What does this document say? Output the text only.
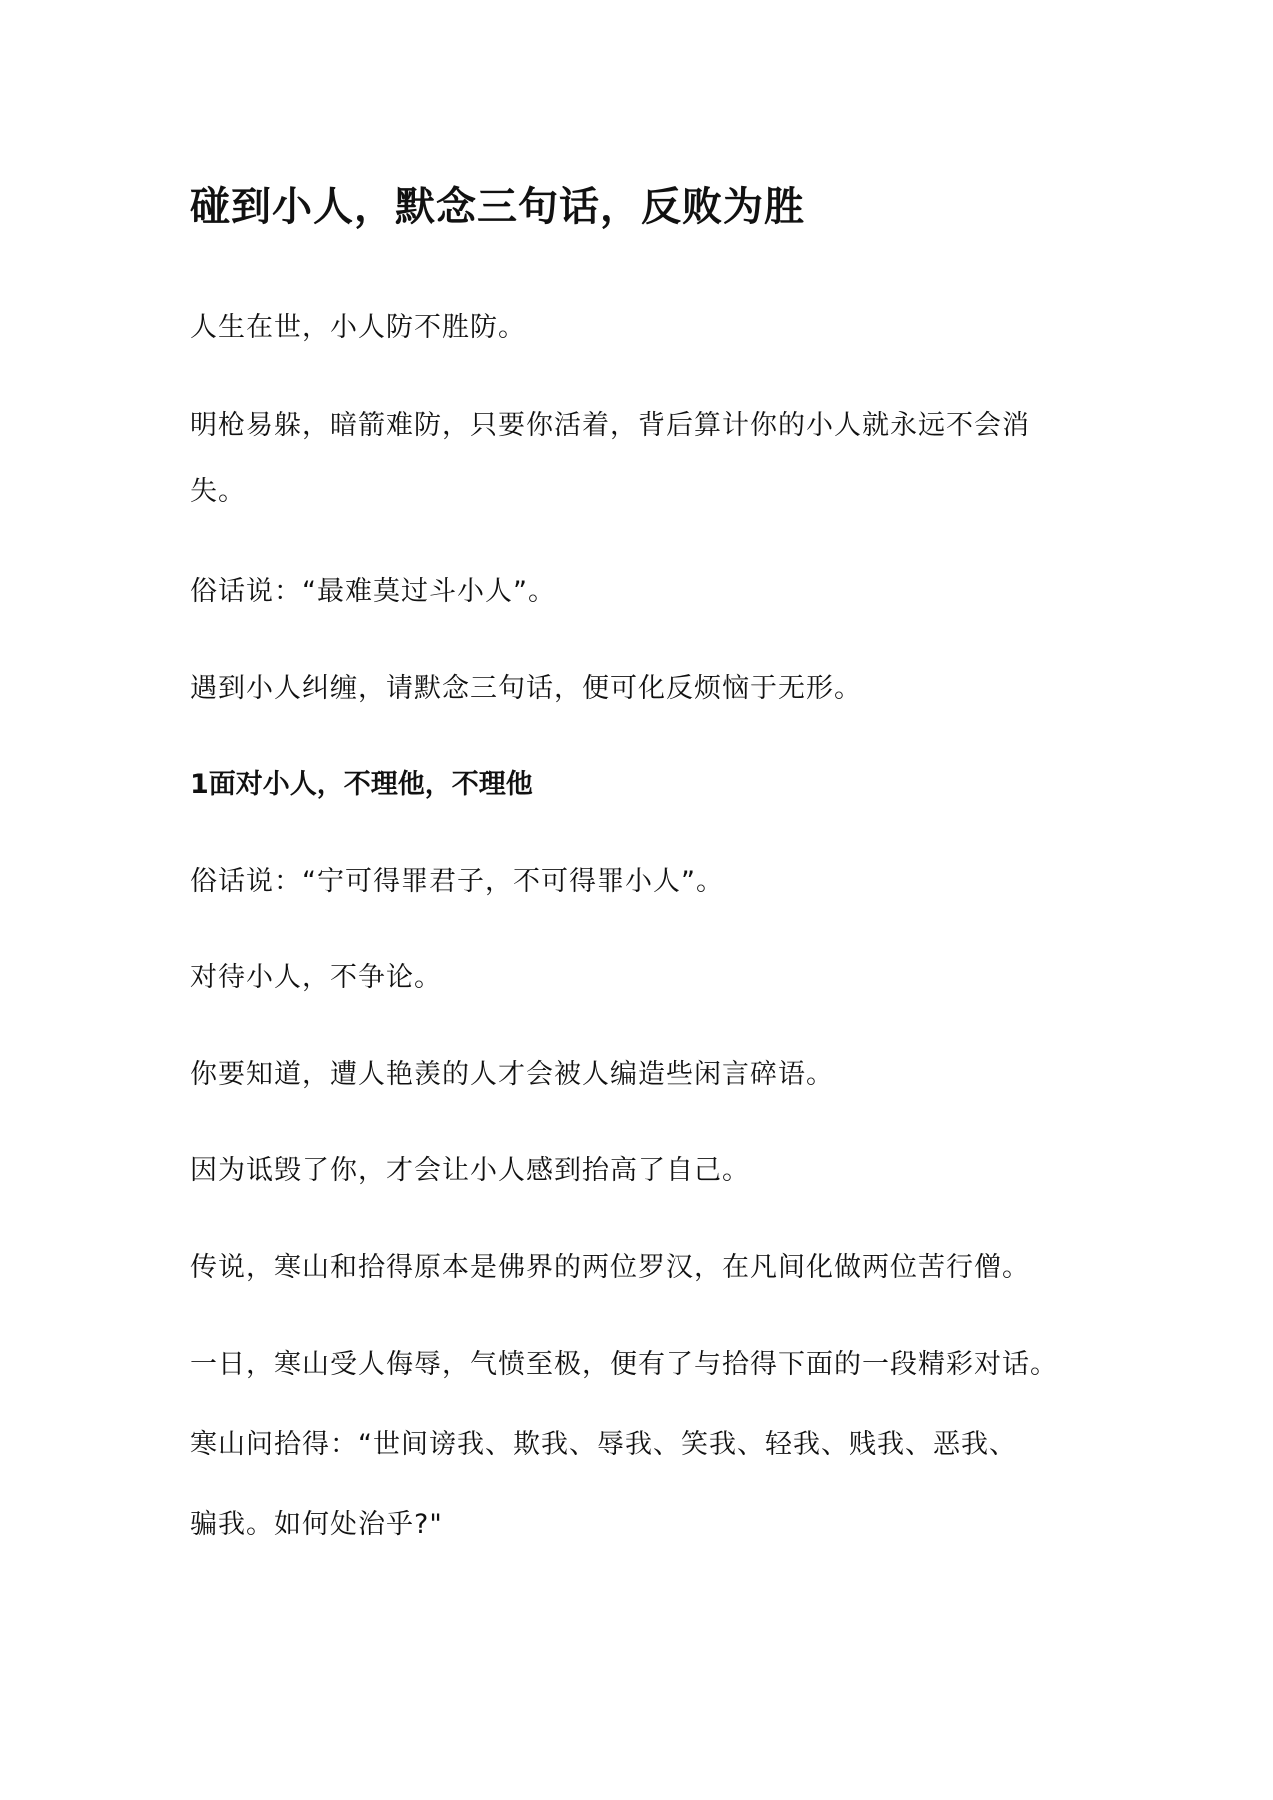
碰到小人，默念三句话，反败为胜

人生在世，小人防不胜防。

明枪易躲，暗箭难防，只要你活着，背后算计你的小人就永远不会消

失。

俗话说：“最难莫过斗小人”。

遇到小人纠缠，请默念三句话，便可化反烦恼于无形。

1面对小人，不理他，不理他

俗话说：“宁可得罪君子，不可得罪小人”。

对待小人，不争论。

你要知道，遭人艳羡的人才会被人编造些闲言碎语。

因为诋毁了你，才会让小人感到抬高了自己。

传说，寒山和拾得原本是佛界的两位罗汉，在凡间化做两位苦行僧。

一日，寒山受人侮辱，气愤至极，便有了与拾得下面的一段精彩对话。

寒山问拾得：“世间谤我、欺我、辱我、笑我、轻我、贱我、恶我、

骗我。如何处治乎?"
